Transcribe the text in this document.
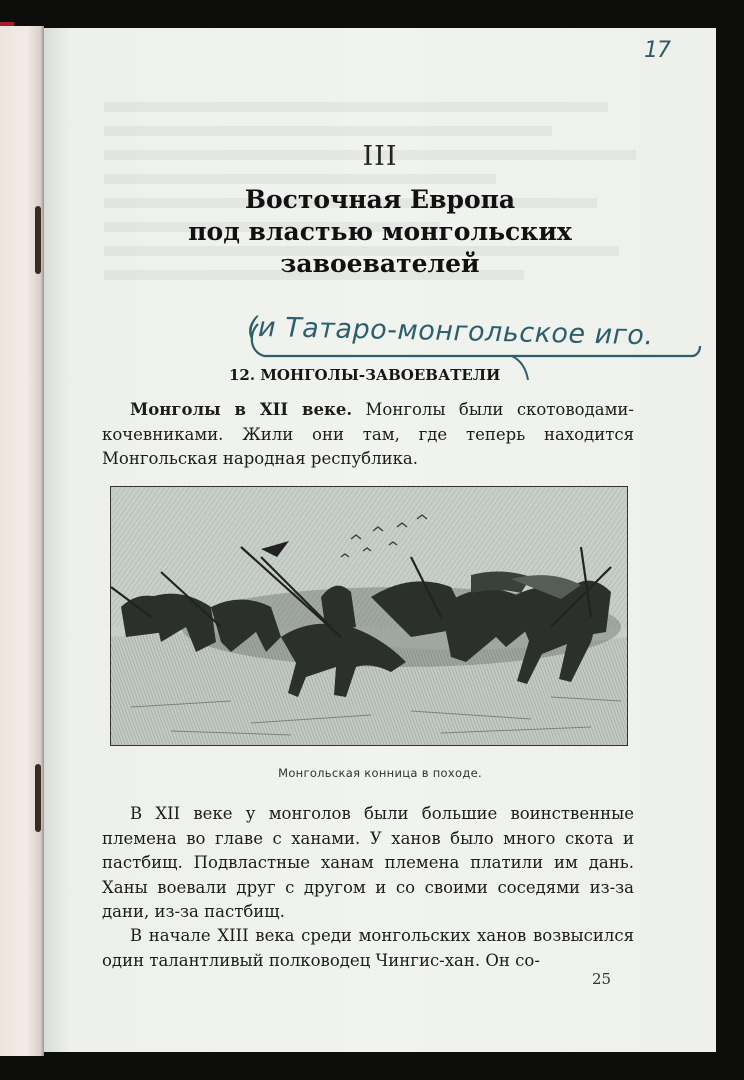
17
III
Восточная Европа
под властью монгольских
завоевателей
(и Татаро-монгольское иго.
12. МОНГОЛЫ-ЗАВОЕВАТЕЛИ

Монголы в XII веке. Монголы были скотоводами-кочевниками. Жили они там, где теперь находится Монгольская народная республика.

Монгольская конница в походе.

В XII веке у монголов были большие воинственные племена во главе с ханами. У ханов было много скота и пастбищ. Подвластные ханам племена платили им дань. Ханы воевали друг с другом и со своими соседями из-за дани, из-за пастбищ.

В начале XIII века среди монгольских ханов возвысился один талантливый полководец Чингис-хан. Он со-

25
